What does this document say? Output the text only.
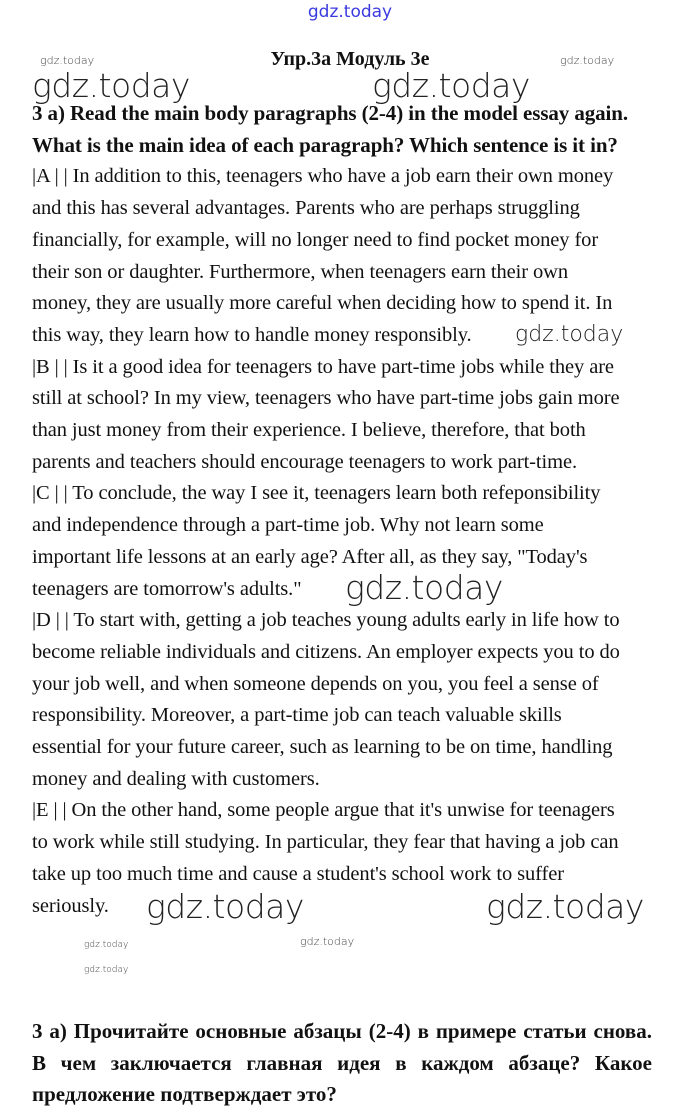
gdz.today
Упр.3а Модуль 3е
3 a) Read the main body paragraphs (2-4) in the model essay again.
What is the main idea of each paragraph? Which sentence is it in?
|A | | In addition to this, teenagers who have a job earn their own money
and this has several advantages. Parents who are perhaps struggling
financially, for example, will no longer need to find pocket money for
their son or daughter. Furthermore, when teenagers earn their own
money, they are usually more careful when deciding how to spend it. In
this way, they learn how to handle money responsibly.
|B | | Is it a good idea for teenagers to have part-time jobs while they are
still at school? In my view, teenagers who have part-time jobs gain more
than just money from their experience. I believe, therefore, that both
parents and teachers should encourage teenagers to work part-time.
|C | | To conclude, the way I see it, teenagers learn both refeponsibility
and independence through a part-time job. Why not learn some
important life lessons at an early age? After all, as they say, "Today's
teenagers are tomorrow's adults."
|D | | To start with, getting a job teaches young adults early in life how to
become reliable individuals and citizens. An employer expects you to do
your job well, and when someone depends on you, you feel a sense of
responsibility. Moreover, a part-time job can teach valuable skills
essential for your future career, such as learning to be on time, handling
money and dealing with customers.
|E | | On the other hand, some people argue that it's unwise for teenagers
to work while still studying. In particular, they fear that having a job can
take up too much time and cause a student's school work to suffer
seriously.
3 а) Прочитайте основные абзацы (2-4) в примере статьи снова. В чем заключается главная идея в каждом абзаце? Какое предложение подтверждает это?
gdz.today	gdz.today
gdz.today	gdz.today
gdz.today
gdz.today
gdz.today
gdz.today
gdz.today
gdz.today	gdz.today
